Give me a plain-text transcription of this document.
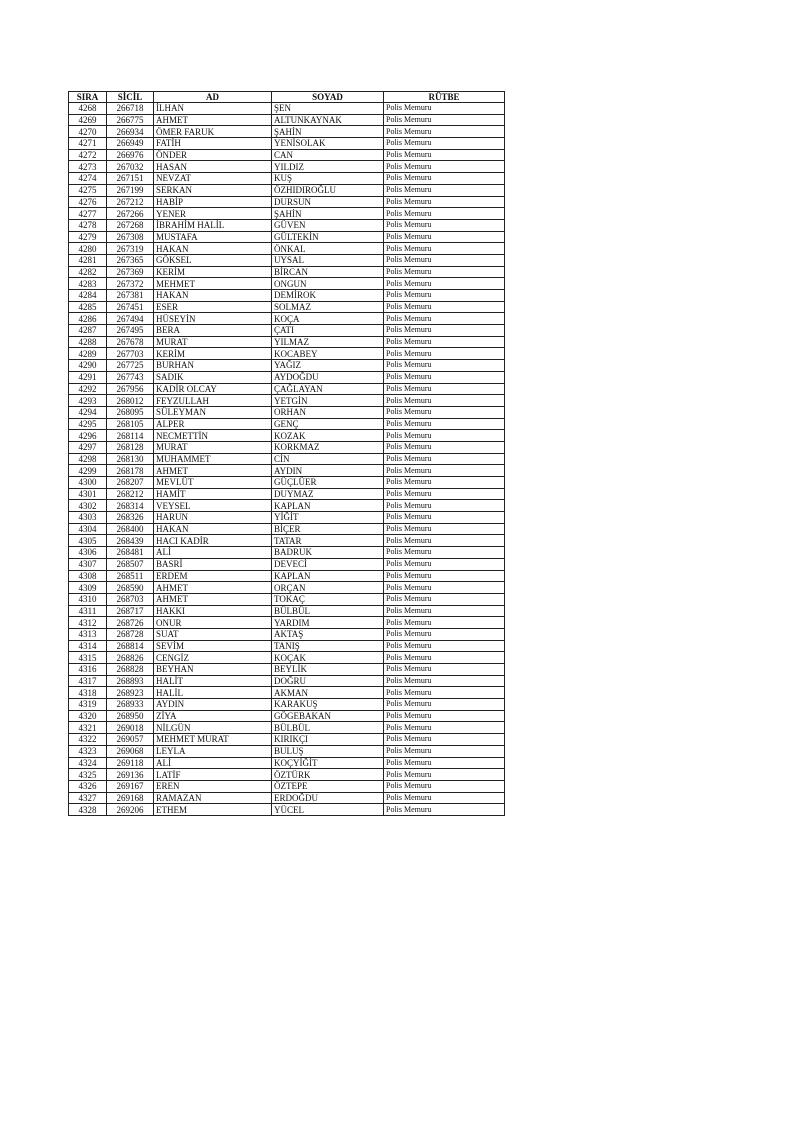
SIRA	SİCİL	AD	SOYAD	RÜTBE
4268	266718	İLHAN	ŞEN	Polis Memuru
4269	266775	AHMET	ALTUNKAYNAK	Polis Memuru
4270	266934	ÖMER FARUK	ŞAHİN	Polis Memuru
4271	266949	FATİH	YENİSOLAK	Polis Memuru
4272	266976	ÖNDER	CAN	Polis Memuru
4273	267032	HASAN	YILDIZ	Polis Memuru
4274	267151	NEVZAT	KUŞ	Polis Memuru
4275	267199	SERKAN	ÖZHIDIROĞLU	Polis Memuru
4276	267212	HABİP	DURSUN	Polis Memuru
4277	267266	YENER	ŞAHİN	Polis Memuru
4278	267268	İBRAHİM HALİL	GÜVEN	Polis Memuru
4279	267308	MUSTAFA	GÜLTEKİN	Polis Memuru
4280	267319	HAKAN	ÖNKAL	Polis Memuru
4281	267365	GÖKSEL	UYSAL	Polis Memuru
4282	267369	KERİM	BİRCAN	Polis Memuru
4283	267372	MEHMET	ONGUN	Polis Memuru
4284	267381	HAKAN	DEMİROK	Polis Memuru
4285	267451	ESER	SOLMAZ	Polis Memuru
4286	267494	HÜSEYİN	KOÇA	Polis Memuru
4287	267495	BERA	ÇATI	Polis Memuru
4288	267678	MURAT	YILMAZ	Polis Memuru
4289	267703	KERİM	KOCABEY	Polis Memuru
4290	267725	BURHAN	YAĞIZ	Polis Memuru
4291	267743	SADIK	AYDOĞDU	Polis Memuru
4292	267956	KADİR OLCAY	ÇAĞLAYAN	Polis Memuru
4293	268012	FEYZULLAH	YETGİN	Polis Memuru
4294	268095	SÜLEYMAN	ORHAN	Polis Memuru
4295	268105	ALPER	GENÇ	Polis Memuru
4296	268114	NECMETTİN	KOZAK	Polis Memuru
4297	268128	MURAT	KORKMAZ	Polis Memuru
4298	268130	MUHAMMET	CİN	Polis Memuru
4299	268178	AHMET	AYDIN	Polis Memuru
4300	268207	MEVLÜT	GÜÇLÜER	Polis Memuru
4301	268212	HAMİT	DUYMAZ	Polis Memuru
4302	268314	VEYSEL	KAPLAN	Polis Memuru
4303	268326	HARUN	YİĞİT	Polis Memuru
4304	268400	HAKAN	BİÇER	Polis Memuru
4305	268439	HACI KADİR	TATAR	Polis Memuru
4306	268481	ALİ	BADRUK	Polis Memuru
4307	268507	BASRİ	DEVECİ	Polis Memuru
4308	268511	ERDEM	KAPLAN	Polis Memuru
4309	268590	AHMET	ORÇAN	Polis Memuru
4310	268703	AHMET	TOKAÇ	Polis Memuru
4311	268717	HAKKI	BÜLBÜL	Polis Memuru
4312	268726	ONUR	YARDIM	Polis Memuru
4313	268728	SUAT	AKTAŞ	Polis Memuru
4314	268814	SEVİM	TANIŞ	Polis Memuru
4315	268826	CENGİZ	KOÇAK	Polis Memuru
4316	268828	BEYHAN	BEYLİK	Polis Memuru
4317	268893	HALİT	DOĞRU	Polis Memuru
4318	268923	HALİL	AKMAN	Polis Memuru
4319	268933	AYDIN	KARAKUŞ	Polis Memuru
4320	268950	ZİYA	GÖGEBAKAN	Polis Memuru
4321	269018	NİLGÜN	BÜLBÜL	Polis Memuru
4322	269057	MEHMET MURAT	KIRIKÇI	Polis Memuru
4323	269068	LEYLA	BULUŞ	Polis Memuru
4324	269118	ALİ	KOÇYİĞİT	Polis Memuru
4325	269136	LATİF	ÖZTÜRK	Polis Memuru
4326	269167	EREN	ÖZTEPE	Polis Memuru
4327	269168	RAMAZAN	ERDOĞDU	Polis Memuru
4328	269206	ETHEM	YÜCEL	Polis Memuru
